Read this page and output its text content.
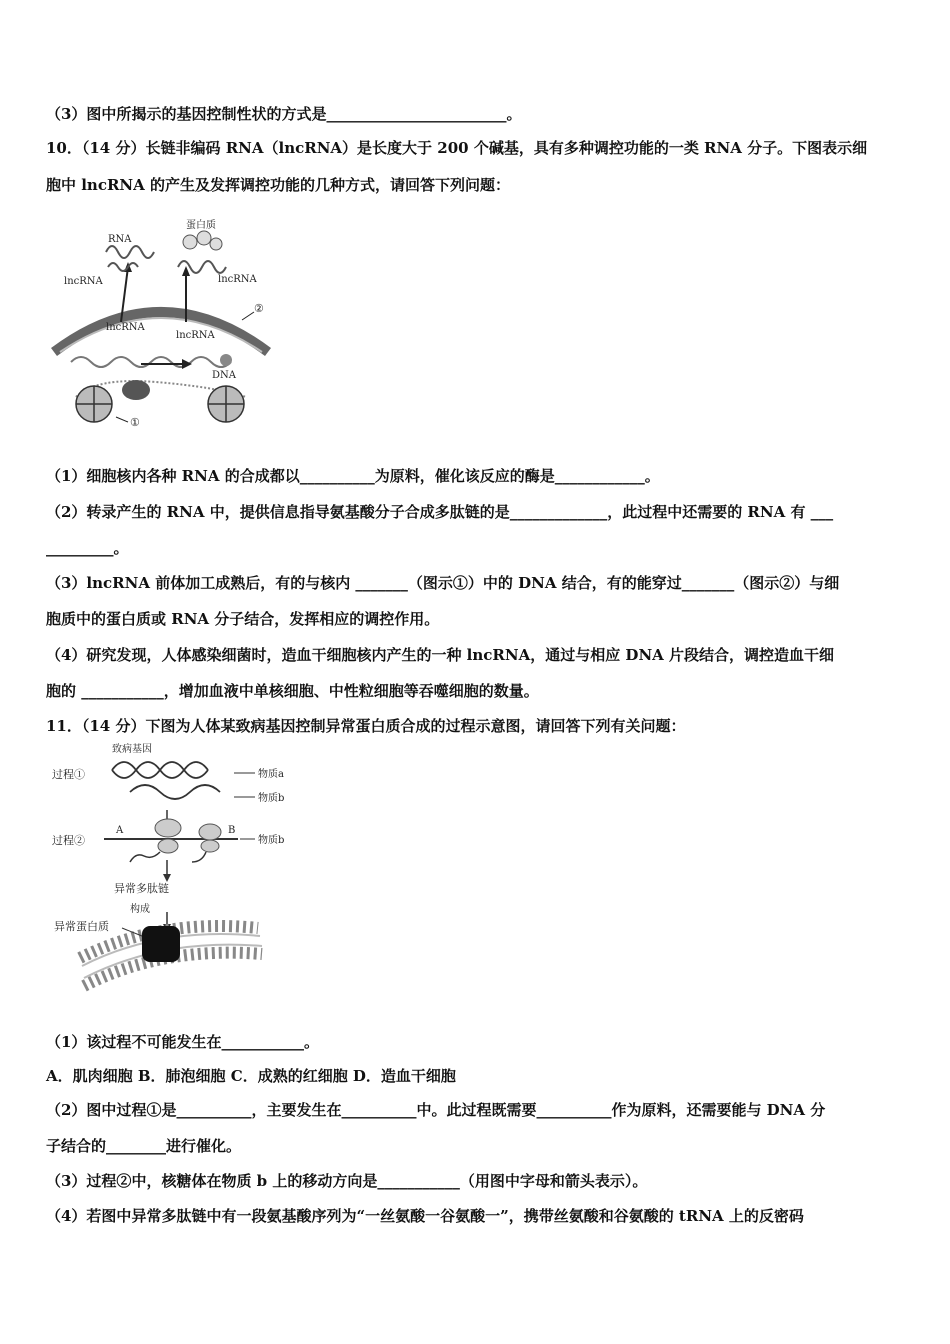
（3）图中所揭示的基因控制性状的方式是________________________。
10．（14 分）长链非编码 RNA（lncRNA）是长度大于 200 个碱基，具有多种调控功能的一类 RNA 分子。下图表示细
胞中 lncRNA 的产生及发挥调控功能的几种方式，请回答下列问题：
蛋白质
RNA
lncRNA	lncRNA
lncRNA
lncRNA
DNA
①
②
（1）细胞核内各种 RNA 的合成都以__________为原料，催化该反应的酶是____________。
（2）转录产生的 RNA 中，提供信息指导氨基酸分子合成多肽链的是_____________，此过程中还需要的 RNA 有 ___
_________。
（3）lncRNA 前体加工成熟后，有的与核内 _______（图示①）中的 DNA 结合，有的能穿过_______（图示②）与细
胞质中的蛋白质或 RNA 分子结合，发挥相应的调控作用。
（4）研究发现，人体感染细菌时，造血干细胞核内产生的一种 lncRNA，通过与相应 DNA 片段结合，调控造血干细
胞的 ___________，增加血液中单核细胞、中性粒细胞等吞噬细胞的数量。
11．（14 分）下图为人体某致病基因控制异常蛋白质合成的过程示意图，请回答下列有关问题：
致病基因
过程①	物质a
物质b
过程②
A	B
物质b
异常多肽链
构成
异常蛋白质
（1）该过程不可能发生在___________。
A．肌肉细胞 B．肺泡细胞 C．成熟的红细胞 D．造血干细胞
（2）图中过程①是__________，主要发生在__________中。此过程既需要__________作为原料，还需要能与 DNA 分
子结合的________进行催化。
（3）过程②中，核糖体在物质 b 上的移动方向是___________（用图中字母和箭头表示）。
（4）若图中异常多肽链中有一段氨基酸序列为“一丝氨酸一谷氨酸一”，携带丝氨酸和谷氨酸的 tRNA 上的反密码
